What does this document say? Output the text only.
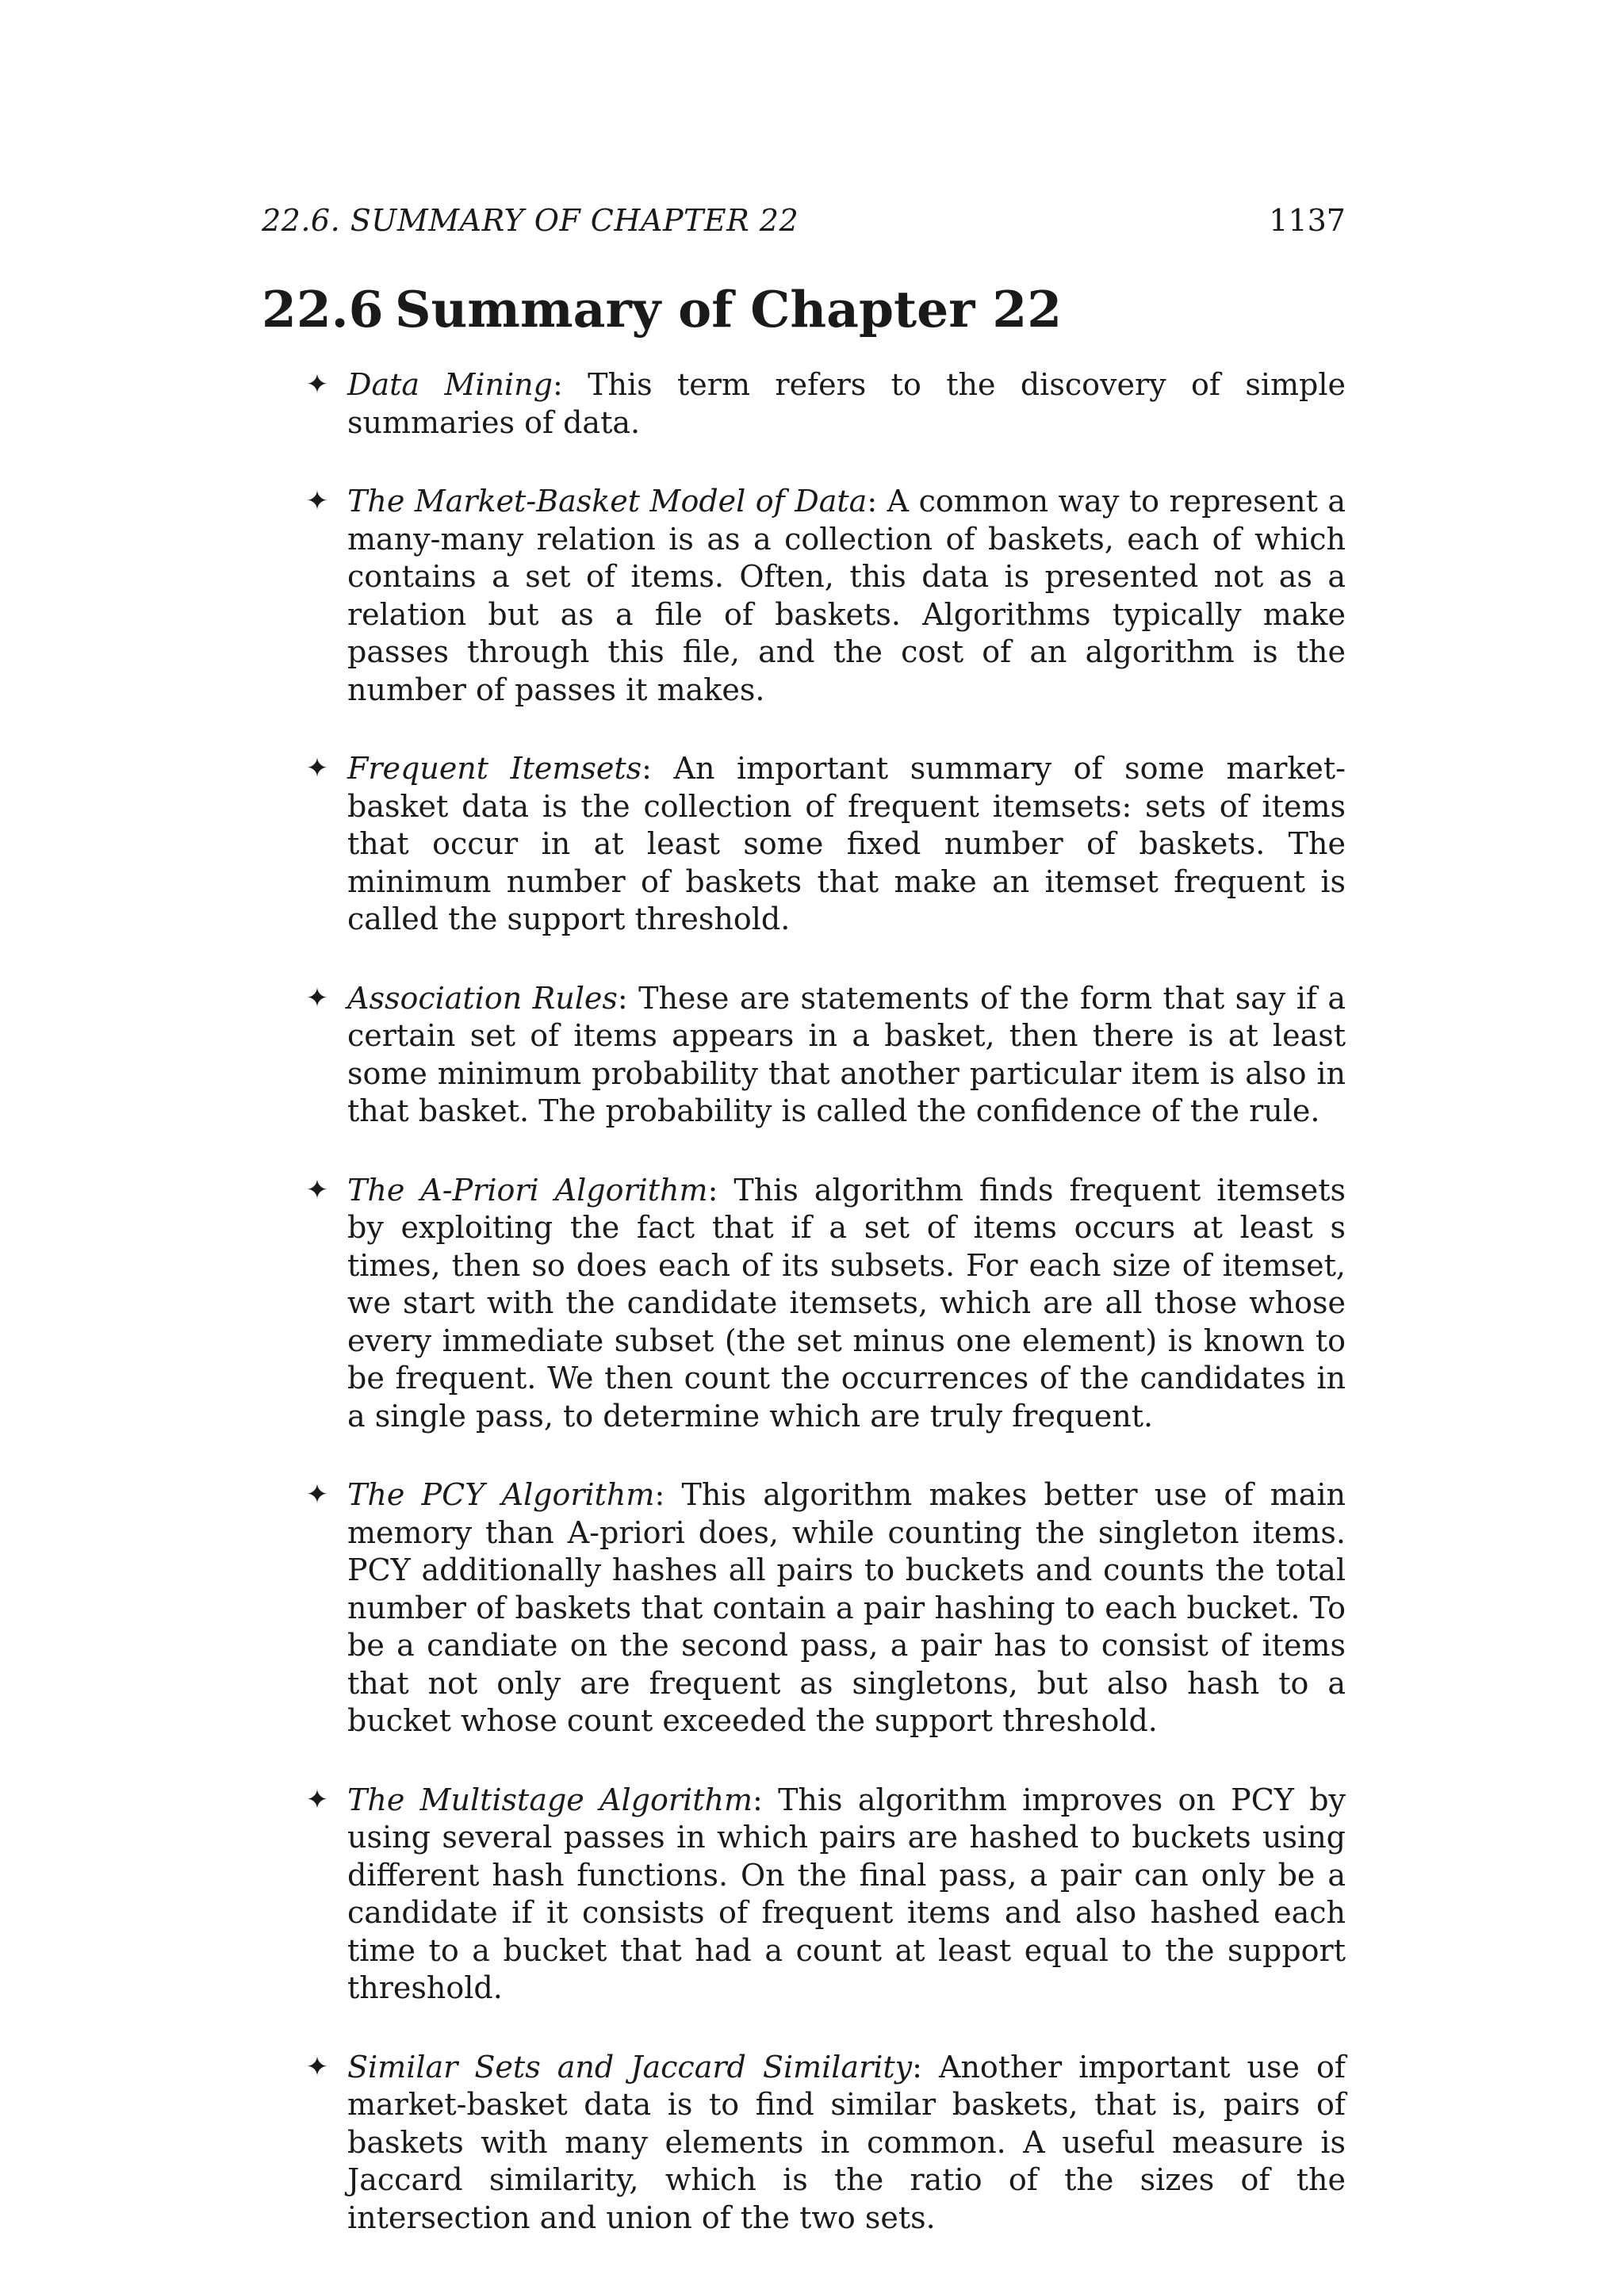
22.6. SUMMARY OF CHAPTER 22	1137
22.6 Summary of Chapter 22
✦ Data Mining: This term refers to the discovery of simple summaries of data.
✦ The Market-Basket Model of Data: A common way to represent a many-many relation is as a collection of baskets, each of which contains a set of items. Often, this data is presented not as a relation but as a file of baskets. Algorithms typically make passes through this file, and the cost of an algorithm is the number of passes it makes.
✦ Frequent Itemsets: An important summary of some market-basket data is the collection of frequent itemsets: sets of items that occur in at least some fixed number of baskets. The minimum number of baskets that make an itemset frequent is called the support threshold.
✦ Association Rules: These are statements of the form that say if a certain set of items appears in a basket, then there is at least some minimum probability that another particular item is also in that basket. The probability is called the confidence of the rule.
✦ The A-Priori Algorithm: This algorithm finds frequent itemsets by exploiting the fact that if a set of items occurs at least s times, then so does each of its subsets. For each size of itemset, we start with the candidate itemsets, which are all those whose every immediate subset (the set minus one element) is known to be frequent. We then count the occurrences of the candidates in a single pass, to determine which are truly frequent.
✦ The PCY Algorithm: This algorithm makes better use of main memory than A-priori does, while counting the singleton items. PCY additionally hashes all pairs to buckets and counts the total number of baskets that contain a pair hashing to each bucket. To be a candiate on the second pass, a pair has to consist of items that not only are frequent as singletons, but also hash to a bucket whose count exceeded the support threshold.
✦ The Multistage Algorithm: This algorithm improves on PCY by using several passes in which pairs are hashed to buckets using different hash functions. On the final pass, a pair can only be a candidate if it consists of frequent items and also hashed each time to a bucket that had a count at least equal to the support threshold.
✦ Similar Sets and Jaccard Similarity: Another important use of market-basket data is to find similar baskets, that is, pairs of baskets with many elements in common. A useful measure is Jaccard similarity, which is the ratio of the sizes of the intersection and union of the two sets.
